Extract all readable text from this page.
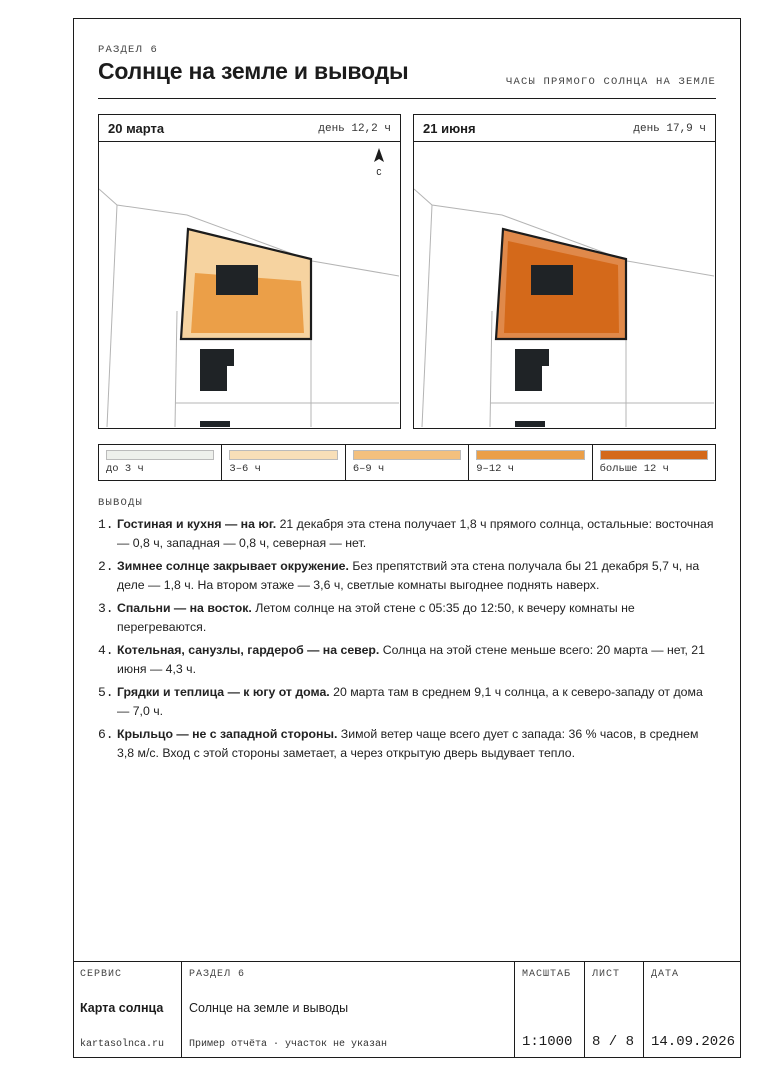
РАЗДЕЛ 6
Солнце на земле и выводы	ЧАСЫ ПРЯМОГО СОЛНЦА НА ЗЕМЛЕ
20 марта	день 12,2 ч
С
21 июня	день 17,9 ч
до 3 ч	3–6 ч	6–9 ч	9–12 ч	больше 12 ч
ВЫВОДЫ
1. Гостиная и кухня — на юг. 21 декабря эта стена получает 1,8 ч прямого солнца, остальные: восточная — 0,8 ч, западная — 0,8 ч, северная — нет.
2. Зимнее солнце закрывает окружение. Без препятствий эта стена получала бы 21 декабря 5,7 ч, на деле — 1,8 ч. На втором этаже — 3,6 ч, светлые комнаты выгоднее поднять наверх.
3. Спальни — на восток. Летом солнце на этой стене с 05:35 до 12:50, к вечеру комнаты не перегреваются.
4. Котельная, санузлы, гардероб — на север. Солнца на этой стене меньше всего: 20 марта — нет, 21 июня — 4,3 ч.
5. Грядки и теплица — к югу от дома. 20 марта там в среднем 9,1 ч солнца, а к северо-западу от дома — 7,0 ч.
6. Крыльцо — не с западной стороны. Зимой ветер чаще всего дует с запада: 36 % часов, в среднем 3,8 м/с. Вход с этой стороны заметает, а через открытую дверь выдувает тепло.
СЕРВИС
Карта солнца
kartasolnca.ru
РАЗДЕЛ 6
Солнце на земле и выводы
Пример отчёта · участок не указан
МАСШТАБ
1:1000
ЛИСТ
8 / 8
ДАТА
14.09.2026
